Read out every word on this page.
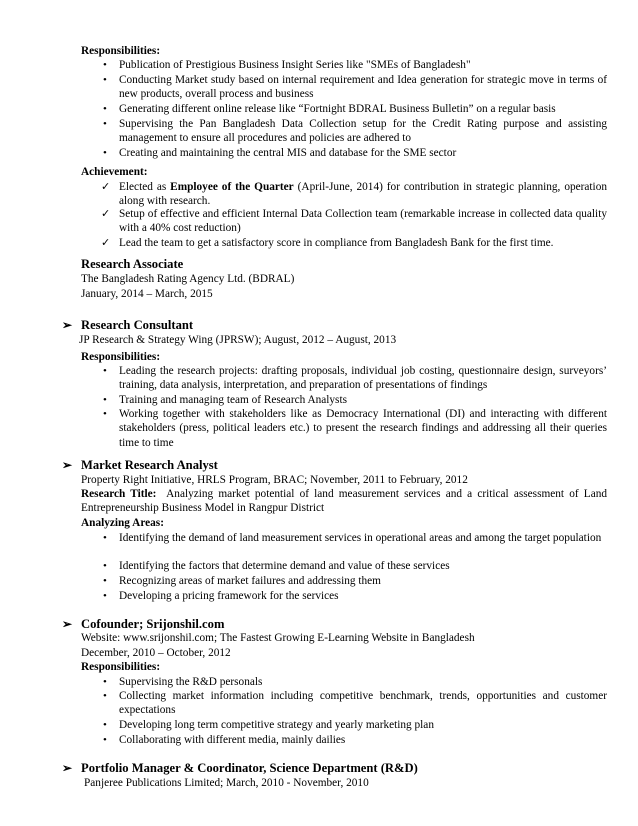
Responsibilities:
• Publication of Prestigious Business Insight Series like "SMEs of Bangladesh"
• Conducting Market study based on internal requirement and Idea generation for strategic move in terms of new products, overall process and business
• Generating different online release like “Fortnight BDRAL Business Bulletin” on a regular basis
• Supervising the Pan Bangladesh Data Collection setup for the Credit Rating purpose and assisting management to ensure all procedures and policies are adhered to
• Creating and maintaining the central MIS and database for the SME sector
Achievement:
✓ Elected as Employee of the Quarter (April-June, 2014) for contribution in strategic planning, operation along with research.
✓ Setup of effective and efficient Internal Data Collection team (remarkable increase in collected data quality with a 40% cost reduction)
✓ Lead the team to get a satisfactory score in compliance from Bangladesh Bank for the first time.
Research Associate
The Bangladesh Rating Agency Ltd. (BDRAL)
January, 2014 – March, 2015
➢ Research Consultant
JP Research & Strategy Wing (JPRSW); August, 2012 – August, 2013
Responsibilities:
• Leading the research projects: drafting proposals, individual job costing, questionnaire design, surveyors’ training, data analysis, interpretation, and preparation of presentations of findings
• Training and managing team of Research Analysts
• Working together with stakeholders like as Democracy International (DI) and interacting with different stakeholders (press, political leaders etc.) to present the research findings and addressing all their queries time to time
➢ Market Research Analyst
Property Right Initiative, HRLS Program, BRAC; November, 2011 to February, 2012
Research Title:  Analyzing market potential of land measurement services and a critical assessment of Land Entrepreneurship Business Model in Rangpur District
Analyzing Areas:
• Identifying the demand of land measurement services in operational areas and among the target population
• Identifying the factors that determine demand and value of these services
• Recognizing areas of market failures and addressing them
• Developing a pricing framework for the services
➢ Cofounder; Srijonshil.com
Website: www.srijonshil.com; The Fastest Growing E-Learning Website in Bangladesh
December, 2010 – October, 2012
Responsibilities:
• Supervising the R&D personals
• Collecting market information including competitive benchmark, trends, opportunities and customer expectations
• Developing long term competitive strategy and yearly marketing plan
• Collaborating with different media, mainly dailies
➢ Portfolio Manager & Coordinator, Science Department (R&D)
Panjeree Publications Limited; March, 2010 - November, 2010
